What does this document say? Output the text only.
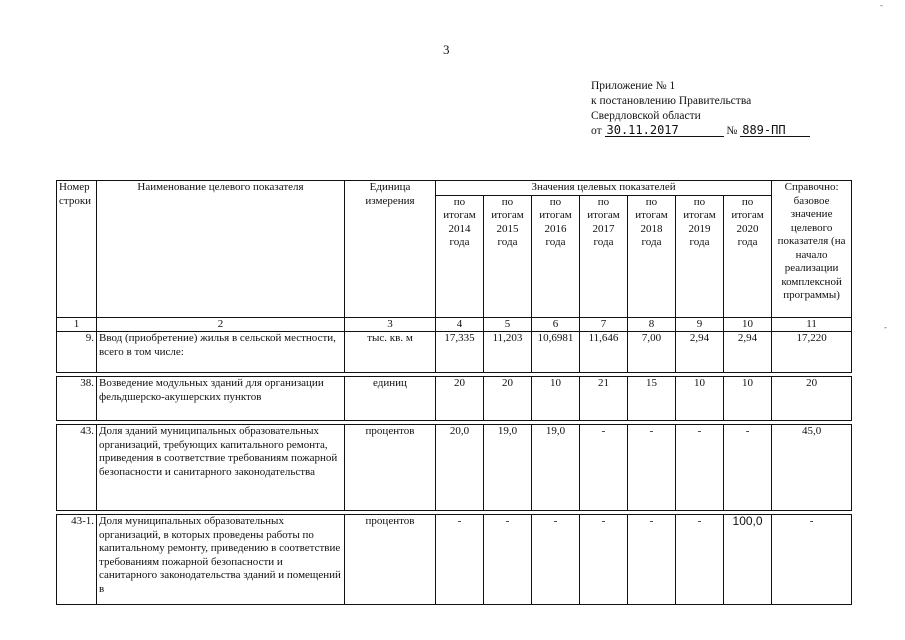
3
Приложение № 1
к постановлению Правительства
Свердловской области
от 30.11.2017	№ 889-ПП
Номер строки	Наименование целевого показателя	Единица измерения	Значения целевых показателей							Справочно: базовое значение целевого показателя (на начало реализации комплексной программы)
			по итогам 2014 года	по итогам 2015 года	по итогам 2016 года	по итогам 2017 года	по итогам 2018 года	по итогам 2019 года	по итогам 2020 года	
1	2	3	4	5	6	7	8	9	10	11
9.	Ввод (приобретение) жилья в сельской местности, всего в том числе:	тыс. кв. м	17,335	11,203	10,6981	11,646	7,00	2,94	2,94	17,220

38.	Возведение модульных зданий для организации фельдшерско-акушерских пунктов	единиц	20	20	10	21	15	10	10	20

43.	Доля зданий муниципальных образовательных организаций, требующих капитального ремонта, приведения в соответствие требованиям пожарной безопасности и санитарного законодательства	процентов	20,0	19,0	19,0	-	-	-	-	45,0

43-1.	Доля муниципальных образовательных организаций, в которых проведены работы по капитальному ремонту, приведению в соответствие требованиям пожарной безопасности и санитарного законодательства зданий и помещений в	процентов	-	-	-	-	-	-	100,0	-
-
-
